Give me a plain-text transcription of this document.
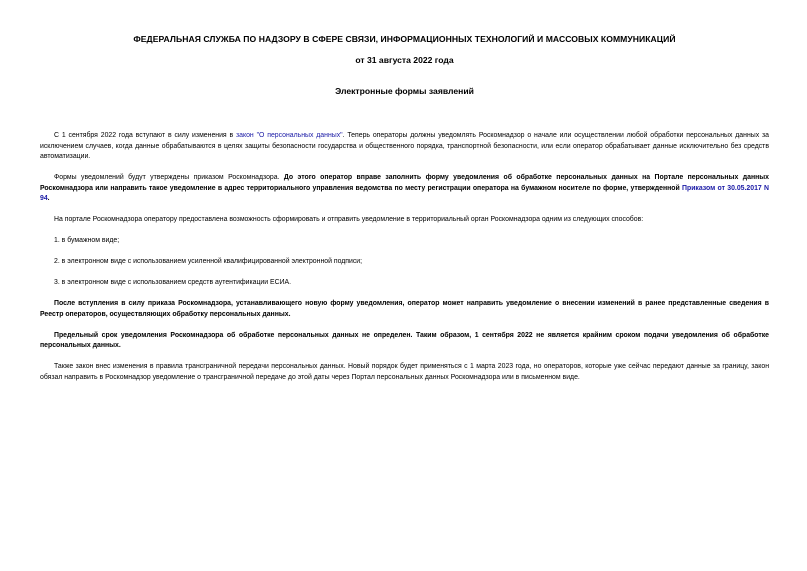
ФЕДЕРАЛЬНАЯ СЛУЖБА ПО НАДЗОРУ В СФЕРЕ СВЯЗИ, ИНФОРМАЦИОННЫХ ТЕХНОЛОГИЙ И МАССОВЫХ КОММУНИКАЦИЙ

от 31 августа 2022 года

Электронные формы заявлений

С 1 сентября 2022 года вступают в силу изменения в закон "О персональных данных". Теперь операторы должны уведомлять Роскомнадзор о начале или осуществлении любой обработки персональных данных за исключением случаев, когда данные обрабатываются в целях защиты безопасности государства и общественного порядка, транспортной безопасности, или если оператор обрабатывает данные исключительно без средств автоматизации.

Формы уведомлений будут утверждены приказом Роскомнадзора. До этого оператор вправе заполнить форму уведомления об обработке персональных данных на Портале персональных данных Роскомнадзора или направить такое уведомление в адрес территориального управления ведомства по месту регистрации оператора на бумажном носителе по форме, утвержденной Приказом от 30.05.2017 N 94.

На портале Роскомнадзора оператору предоставлена возможность сформировать и отправить уведомление в территориальный орган Роскомнадзора одним из следующих способов:

1. в бумажном виде;

2. в электронном виде с использованием усиленной квалифицированной электронной подписи;

3. в электронном виде с использованием средств аутентификации ЕСИА.

После вступления в силу приказа Роскомнадзора, устанавливающего новую форму уведомления, оператор может направить уведомление о внесении изменений в ранее представленные сведения в Реестр операторов, осуществляющих обработку персональных данных.

Предельный срок уведомления Роскомнадзора об обработке персональных данных не определен. Таким образом, 1 сентября 2022 не является крайним сроком подачи уведомления об обработке персональных данных.

Также закон внес изменения в правила трансграничной передачи персональных данных. Новый порядок будет применяться с 1 марта 2023 года, но операторов, которые уже сейчас передают данные за границу, закон обязал направить в Роскомнадзор уведомление о трансграничной передаче до этой даты через Портал персональных данных Роскомнадзора или в письменном виде.
